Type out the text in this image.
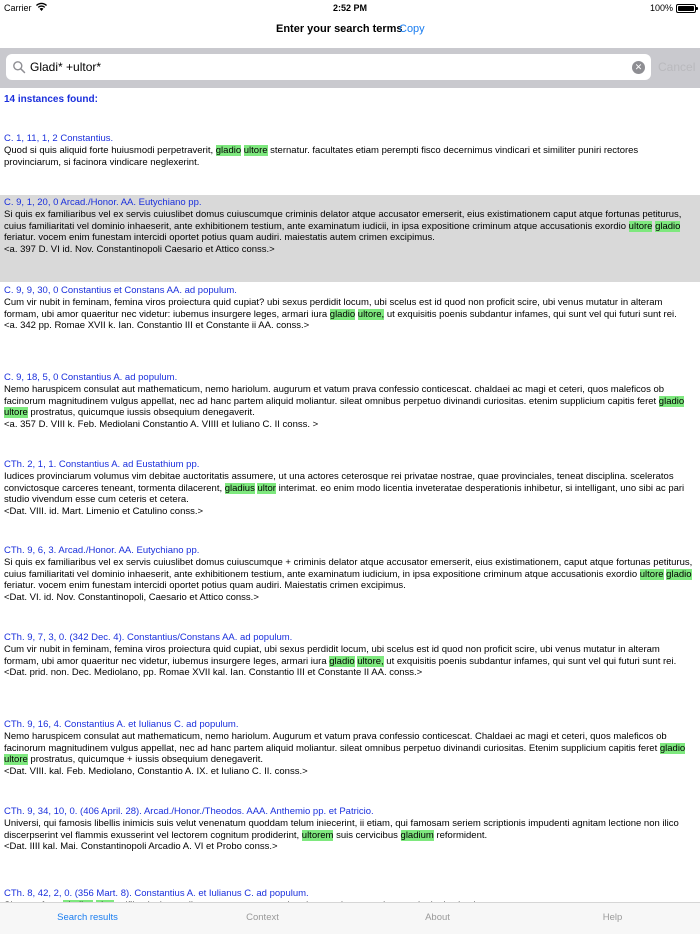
Carrier	2:52 PM	100%
Enter your search terms
Copy
Gladi* +ultor*
✕ Cancel
14 instances found:
C. 1, 11, 1, 2 Constantius.
Quod si quis aliquid forte huiusmodi perpetraverit, gladio ultore sternatur. facultates etiam perempti fisco decernimus vindicari et similiter puniri rectores provinciarum, si facinora vindicare neglexerint.
C. 9, 1, 20, 0 Arcad./Honor. AA. Eutychiano pp.
Si quis ex familiaribus vel ex servis cuiuslibet domus cuiuscumque criminis delator atque accusator emerserit, eius existimationem caput atque fortunas petiturus, cuius familiaritati vel dominio inhaeserit, ante exhibitionem testium, ante examinatum iudicii, in ipsa expositione criminum atque accusationis exordio ultore gladio feriatur. vocem enim funestam intercidi oportet potius quam audiri. maiestatis autem crimen excipimus.
<a. 397 D. VI id. Nov. Constantinopoli Caesario et Attico conss.>
C. 9, 9, 30, 0 Constantius et Constans AA. ad populum.
Cum vir nubit in feminam, femina viros proiectura quid cupiat? ubi sexus perdidit locum, ubi scelus est id quod non proficit scire, ubi venus mutatur in alteram formam, ubi amor quaeritur nec videtur: iubemus insurgere leges, armari iura gladio ultore, ut exquisitis poenis subdantur infames, qui sunt vel qui futuri sunt rei.
<a. 342 pp. Romae XVII k. Ian. Constantio III et Constante ii AA. conss.>
C. 9, 18, 5, 0 Constantius A. ad populum.
Nemo haruspicem consulat aut mathematicum, nemo hariolum. augurum et vatum prava confessio conticescat. chaldaei ac magi et ceteri, quos maleficos ob facinorum magnitudinem vulgus appellat, nec ad hanc partem aliquid moliantur. sileat omnibus perpetuo divinandi curiositas. etenim supplicium capitis feret gladio ultore prostratus, quicumque iussis obsequium denegaverit.
<a. 357 D. VIII k. Feb. Mediolani Constantio A. VIIII et Iuliano C. II conss. >
CTh. 2, 1, 1. Constantius A. ad Eustathium pp.
Iudices provinciarum volumus vim debitae auctoritatis assumere, ut una actores ceterosque rei privatae nostrae, quae provinciales, teneat disciplina. sceleratos convictosque carceres teneant, tormenta dilacerent, gladius ultor interimat. eo enim modo licentia inveteratae desperationis inhibetur, si intelligant, uno sibi ac pari studio vivendum esse cum ceteris et cetera.
<Dat. VIII. id. Mart. Limenio et Catulino conss.>
CTh. 9, 6, 3. Arcad./Honor. AA. Eutychiano pp.
Si quis ex familiaribus vel ex servis cuiuslibet domus cuiuscumque + criminis delator atque accusator emerserit, eius existimationem, caput atque fortunas petiturus, cuius familiaritati vel dominio inhaeserit, ante exhibitionem testium, ante examinatum iudicium, in ipsa expositione criminum atque accusationis exordio ultore gladio feriatur. vocem enim funestam intercidi oportet potius quam audiri. Maiestatis crimen excipimus.
<Dat. VI. id. Nov. Constantinopoli, Caesario et Attico conss.>
CTh. 9, 7, 3, 0. (342 Dec. 4). Constantius/Constans AA. ad populum.
Cum vir nubit in feminam, femina viros proiectura quid cupiat, ubi sexus perdidit locum, ubi scelus est id quod non proficit scire, ubi venus mutatur in alteram formam, ubi amor quaeritur nec videtur, iubemus insurgere leges, armari iura gladio ultore, ut exquisitis poenis subdantur infames, qui sunt vel qui futuri sunt rei.
<Dat. prid. non. Dec. Mediolano, pp. Romae XVII kal. Ian. Constantio III et Constante II AA. conss.>
CTh. 9, 16, 4. Constantius A. et Iulianus C. ad populum.
Nemo haruspicem consulat aut mathematicum, nemo hariolum. Augurum et vatum prava confessio conticescat. Chaldaei ac magi et ceteri, quos maleficos ob facinorum magnitudinem vulgus appellat, nec ad hanc partem aliquid moliantur. sileat omnibus perpetuo divinandi curiositas. Etenim supplicium capitis feret gladio ultore prostratus, quicumque + iussis obsequium denegaverit.
<Dat. VIII. kal. Feb. Mediolano, Constantio A. IX. et Iuliano C. II. conss.>
CTh. 9, 34, 10, 0. (406 April. 28). Arcad./Honor./Theodos. AAA. Anthemio pp. et Patricio.
Universi, qui famosis libellis inimicis suis velut venenatum quoddam telum iniecerint, ii etiam, qui famosam seriem scriptionis impudenti agnitam lectione non ilico discerpserint vel flammis exusserint vel lectorem cognitum prodiderint, ultorem suis cervicibus gladium reformident.
<Dat. IIII kal. Mai. Constantinopoli Arcadio A. VI et Probo conss.>
CTh. 8, 42, 2, 0. (356 Mart. 8). Constantius A. et Iulianus C. ad populum.
Search results	Context	About	Help
